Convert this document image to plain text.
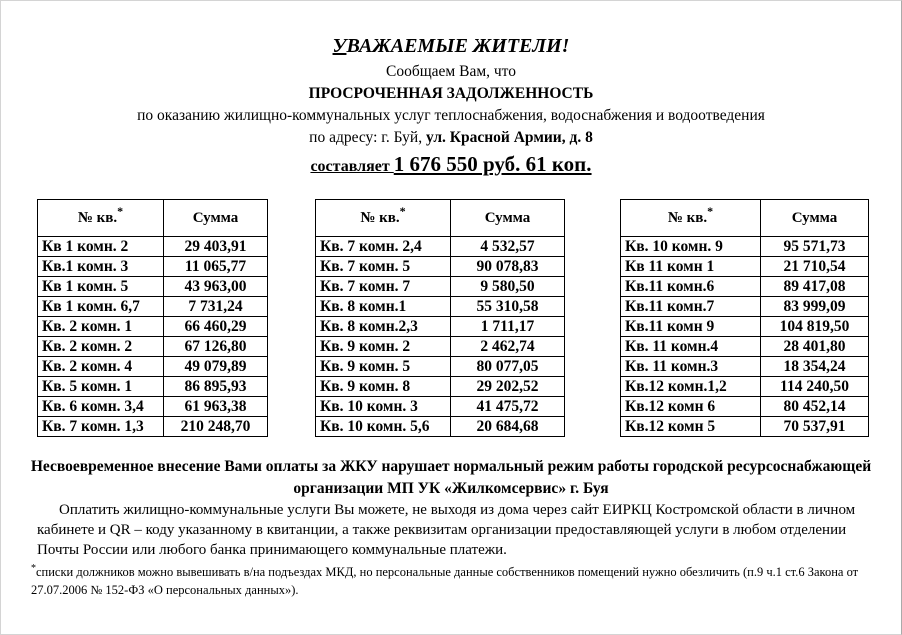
УВАЖАЕМЫЕ ЖИТЕЛИ!
Сообщаем Вам, что
ПРОСРОЧЕННАЯ ЗАДОЛЖЕННОСТЬ
по оказанию жилищно-коммунальных услуг теплоснабжения, водоснабжения и водоотведения
по адресу: г. Буй, ул. Красной Армии, д. 8
составляет 1 676 550 руб. 61 коп.
№ кв.*	Сумма
Кв 1 комн. 2	29 403,91
Кв.1 комн. 3	11 065,77
Кв 1 комн. 5	43 963,00
Кв 1 комн. 6,7	7 731,24
Кв. 2 комн. 1	66 460,29
Кв. 2 комн. 2	67 126,80
Кв. 2 комн. 4	49 079,89
Кв. 5 комн. 1	86 895,93
Кв. 6 комн. 3,4	61 963,38
Кв. 7 комн. 1,3	210 248,70
№ кв.*	Сумма
Кв. 7 комн. 2,4	4 532,57
Кв. 7 комн. 5	90 078,83
Кв. 7 комн. 7	9 580,50
Кв. 8 комн.1	55 310,58
Кв. 8 комн.2,3	1 711,17
Кв. 9 комн. 2	2 462,74
Кв. 9 комн. 5	80 077,05
Кв. 9 комн. 8	29 202,52
Кв. 10 комн. 3	41 475,72
Кв. 10 комн. 5,6	20 684,68
№ кв.*	Сумма
Кв. 10 комн. 9	95 571,73
Кв 11 комн 1	21 710,54
Кв.11 комн.6	89 417,08
Кв.11 комн.7	83 999,09
Кв.11 комн 9	104 819,50
Кв. 11 комн.4	28 401,80
Кв. 11 комн.3	18 354,24
Кв.12 комн.1,2	114 240,50
Кв.12 комн 6	80 452,14
Кв.12 комн 5	70 537,91
Несвоевременное внесение Вами оплаты за ЖКУ нарушает нормальный режим работы городской ресурсоснабжающей организации МП УК «Жилкомсервис» г. Буя
Оплатить жилищно-коммунальные услуги Вы можете, не выходя из дома через сайт ЕИРКЦ Костромской области в личном кабинете и QR – коду указанному в квитанции, а также реквизитам организации предоставляющей услуги в любом отделении Почты России или любого банка принимающего коммунальные платежи.
*списки должников можно вывешивать в/на подъездах МКД, но персональные данные собственников помещений нужно обезличить (п.9 ч.1 ст.6 Закона от 27.07.2006 № 152-ФЗ «О персональных данных»).
